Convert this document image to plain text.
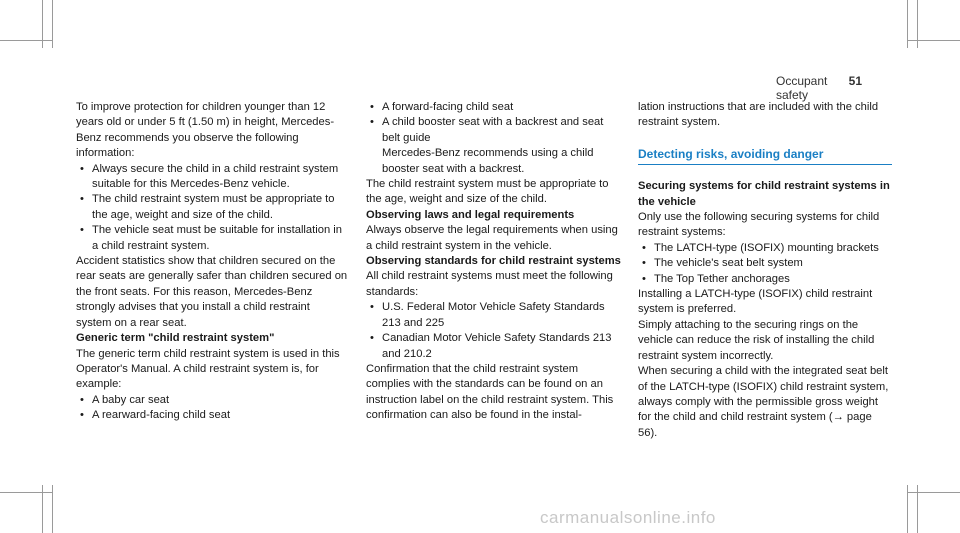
Occupant safety
51

To improve protection for children younger than 12 years old or under 5 ft (1.50 m) in height, Mercedes-Benz recommends you observe the following information:

• Always secure the child in a child restraint system suitable for this Mercedes-Benz vehicle.
• The child restraint system must be appropriate to the age, weight and size of the child.
• The vehicle seat must be suitable for installation in a child restraint system.

Accident statistics show that children secured on the rear seats are generally safer than children secured on the front seats. For this reason, Mercedes-Benz strongly advises that you install a child restraint system on a rear seat.

Generic term "child restraint system"

The generic term child restraint system is used in this Operator's Manual. A child restraint system is, for example:

• A baby car seat
• A rearward-facing child seat
• A forward-facing child seat
• A child booster seat with a backrest and seat belt guide

Mercedes-Benz recommends using a child booster seat with a backrest.

The child restraint system must be appropriate to the age, weight and size of the child.

Observing laws and legal requirements

Always observe the legal requirements when using a child restraint system in the vehicle.

Observing standards for child restraint systems

All child restraint systems must meet the following standards:

• U.S. Federal Motor Vehicle Safety Standards 213 and 225
• Canadian Motor Vehicle Safety Standards 213 and 210.2

Confirmation that the child restraint system complies with the standards can be found on an instruction label on the child restraint system. This confirmation can also be found in the instal-

lation instructions that are included with the child restraint system.

Detecting risks, avoiding danger
Securing systems for child restraint systems in the vehicle

Only use the following securing systems for child restraint systems:

• The LATCH-type (ISOFIX) mounting brackets
• The vehicle's seat belt system
• The Top Tether anchorages

Installing a LATCH-type (ISOFIX) child restraint system is preferred.

Simply attaching to the securing rings on the vehicle can reduce the risk of installing the child restraint system incorrectly.

When securing a child with the integrated seat belt of the LATCH-type (ISOFIX) child restraint system, always comply with the permissible gross weight for the child and child restraint system (→ page 56).

carmanualsonline.info
